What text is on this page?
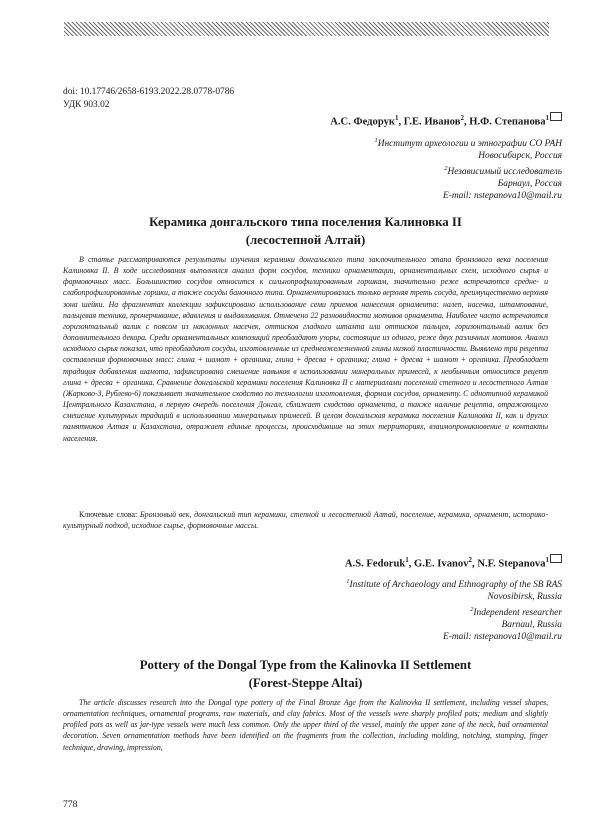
doi: 10.17746/2658-6193.2022.28.0778-0786
УДК 903.02
А.С. Федорук$^1$, Г.Е. Иванов$^2$, Н.Ф. Степанова$^1$
$^1$Институт археологии и этнографии СО РАН
Новосибирск, Россия
$^2$Независимый исследователь
Барнаул, Россия
E-mail: nstepanova10@mail.ru
Керамика донгальского типа поселения Калиновка II
(лесостепной Алтай)

В статье рассматриваются результаты изучения керамики донгальского типа заключительного этапа бронзового века поселения Калиновка II. В ходе исследования выполнялся анализ форм сосудов, техники орнаментации, орнаментальных схем, исходного сырья и формовочных масс. Большинство сосудов относится к сильнопрофилированным горшкам, значительно реже встречаются средне- и слабопрофилированные горшки, а также сосуды баночного типа. Орнаментировалась только верхняя треть сосуда, преимущественно верхняя зона шейки. На фрагментах коллекции зафиксировано использование семи приемов нанесения орнамента: налеп, насечка, штампование, пальцевая техника, прочерчивание, вдавления и выдавливания. Отмечено 22 разновидности мотивов орнамента. Наиболее часто встречаются горизонтальный валик с поясом из наклонных насечек, оттисков гладкого штампа или оттисков пальцев, горизонтальный валик без дополнительного декора. Среди орнаментальных композиций преобладают узоры, состоящие из одного, реже двух различных мотивов. Анализ исходного сырья показал, что преобладают сосуды, изготовленные из среднеожелезненной глины низкой пластичности. Выявлено три рецепта составления формовочных масс: глина + шамот + органика, глина + дресва + органика; глина + дресва + шамот + органика. Преобладает традиция добавления шамота, зафиксировано смешение навыков в использовании минеральных примесей, к необычным относится рецепт глина + дресва + органика. Сравнение донгальской керамики поселения Калиновка II с материалами поселений степного и лесостепного Алтая (Жарково-3, Рублево-6) показывает значительное сходство по технологии изготовления, формам сосудов, орнаменту. С однотипной керамикой Центрального Казахстана, в первую очередь поселения Донгал, сближает сходство орнамента, а также наличие рецепта, отражающего смешение культурных традиций в использовании минеральных примесей. В целом донгальская керамика поселения Калиновка II, как и других памятников Алтая и Казахстана, отражает единые процессы, происходившие на этих территориях, взаимопроникновение и контакты населения.

Ключевые слова: Бронзовый век, донгальский тип керамики, степной и лесостепной Алтай, поселение, керамика, орнамент, историко-культурный подход, исходное сырье, формовочные массы.
A.S. Fedoruk$^1$, G.E. Ivanov$^2$, N.F. Stepanova$^1$
$^1$Institute of Archaeology and Ethnography of the SB RAS
Novosibirsk, Russia
$^2$Independent researcher
Barnaul, Russia
E-mail: nstepanova10@mail.ru
Pottery of the Dongal Type from the Kalinovka II Settlement
(Forest-Steppe Altai)

The article discusses research into the Dongal type pottery of the Final Bronze Age from the Kalinovka II settlement, including vessel shapes, ornamentation techniques, ornamental programs, raw materials, and clay fabrics. Most of the vessels were sharply profiled pots; medium and slightly profiled pots as well as jar-type vessels were much less common. Only the upper third of the vessel, mainly the upper zone of the neck, had ornamental decoration. Seven ornamentation methods have been identified on the fragments from the collection, including molding, notching, stamping, finger technique, drawing, impression,

778
